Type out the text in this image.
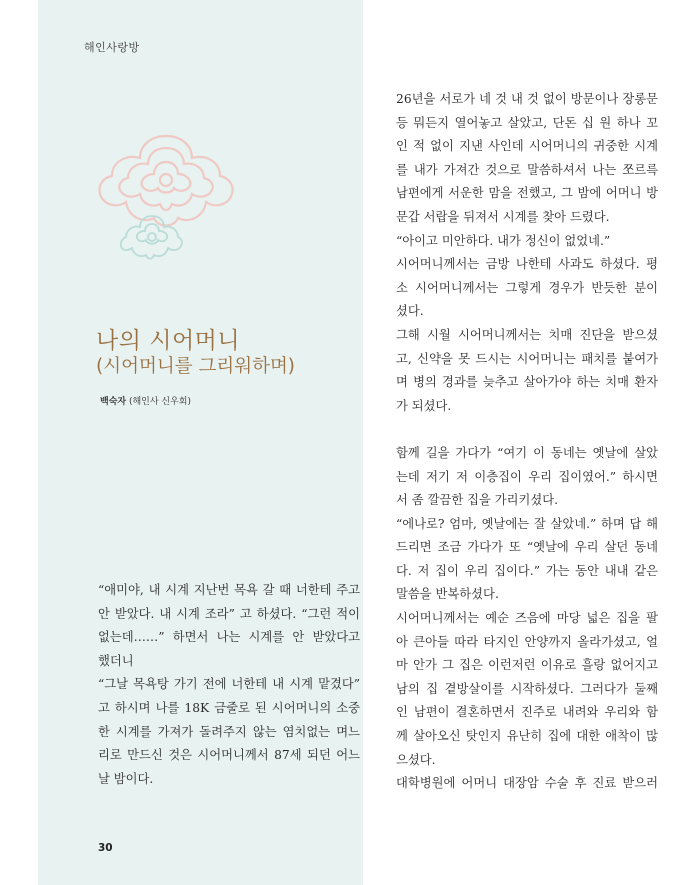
해인사랑방
나의 시어머니
(시어머니를 그리워하며)
백숙자 (해인사 신우회)
“애미야, 내 시계 지난번 목욕 갈 때 너한테 주고
안 받았다. 내 시계 조라” 고 하셨다. “그런 적이
없는데……” 하면서 나는 시계를 안 받았다고
했더니
“그날 목욕탕 가기 전에 너한테 내 시계 맡겼다”
고 하시며 나를 18K 금줄로 된 시어머니의 소중
한 시계를 가져가 돌려주지 않는 염치없는 며느
리로 만드신 것은 시어머니께서 87세 되던 어느
날 밤이다.
26년을 서로가 네 것 내 것 없이 방문이나 장롱문
등 뭐든지 열어놓고 살았고, 단돈 십 원 하나 꼬
인 적 없이 지낸 사인데 시어머니의 귀중한 시계
를 내가 가져간 것으로 말씀하셔서 나는 쪼르륵
남편에게 서운한 맘을 전했고, 그 밤에 어머니 방
문갑 서랍을 뒤져서 시계를 찾아 드렸다.
“아이고 미안하다. 내가 정신이 없었네.”
시어머니께서는 금방 나한테 사과도 하셨다. 평
소 시어머니께서는 그렇게 경우가 반듯한 분이
셨다.
그해 시월 시어머니께서는 치매 진단을 받으셨
고, 신약을 못 드시는 시어머니는 패치를 붙여가
며 병의 경과를 늦추고 살아가야 하는 치매 환자
가 되셨다.
함께 길을 가다가 “여기 이 동네는 옛날에 살았
는데 저기 저 이층집이 우리 집이였어.” 하시면
서 좀 깔끔한 집을 가리키셨다.
“에나로? 엄마, 옛날에는 잘 살았네.” 하며 답 해
드리면 조금 가다가 또 “옛날에 우리 살던 동네
다. 저 집이 우리 집이다.” 가는 동안 내내 같은
말씀을 반복하셨다.
시어머니께서는 예순 즈음에 마당 넓은 집을 팔
아 큰아들 따라 타지인 안양까지 올라가셨고, 얼
마 안가 그 집은 이런저런 이유로 흘랑 없어지고
남의 집 곁방살이를 시작하셨다. 그러다가 둘째
인 남편이 결혼하면서 진주로 내려와 우리와 함
께 살아오신 탓인지 유난히 집에 대한 애착이 많
으셨다.
대학병원에 어머니 대장암 수술 후 진료 받으러
30
